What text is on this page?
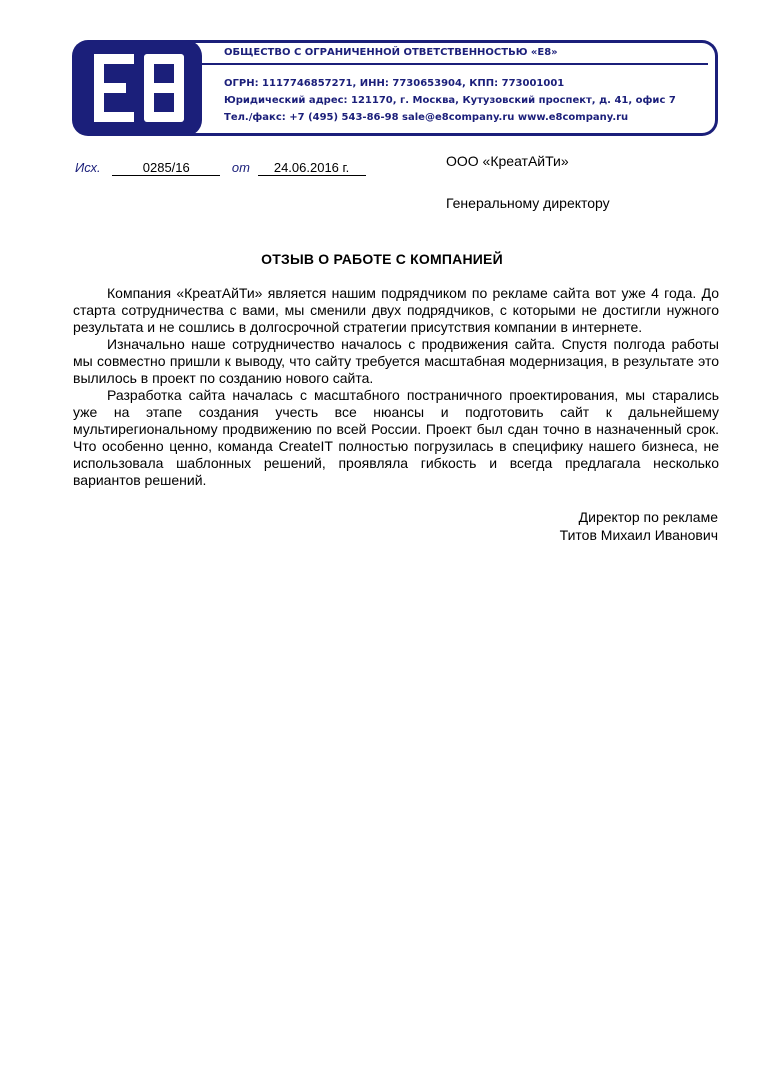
ОБЩЕСТВО С ОГРАНИЧЕННОЙ ОТВЕТСТВЕННОСТЬЮ «Е8»
ОГРН: 1117746857271, ИНН: 7730653904, КПП: 773001001
Юридический адрес: 121170, г. Москва, Кутузовский проспект, д. 41, офис 7
Тел./факс: +7 (495) 543-86-98 sale@e8company.ru www.e8company.ru
Исх.	0285/16	от 24.06.2016 г.	ООО «КреатАйТи»
Генеральному директору
ОТЗЫВ О РАБОТЕ С КОМПАНИЕЙ

Компания «КреатАйТи» является нашим подрядчиком по рекламе сайта вот уже 4 года. До старта сотрудничества с вами, мы сменили двух подрядчиков, с которыми не достигли нужного результата и не сошлись в долгосрочной стратегии присутствия компании в интернете.

Изначально наше сотрудничество началось с продвижения сайта. Спустя полгода работы мы совместно пришли к выводу, что сайту требуется масштабная модернизация, в результате это вылилось в проект по созданию нового сайта.

Разработка сайта началась с масштабного постраничного проектирования, мы старались уже на этапе создания учесть все нюансы и подготовить сайт к дальнейшему мультирегиональному продвижению по всей России. Проект был сдан точно в назначенный срок. Что особенно ценно, команда CreateIT полностью погрузилась в специфику нашего бизнеса, не использовала шаблонных решений, проявляла гибкость и всегда предлагала несколько вариантов решений.

Директор по рекламе
Титов Михаил Иванович
